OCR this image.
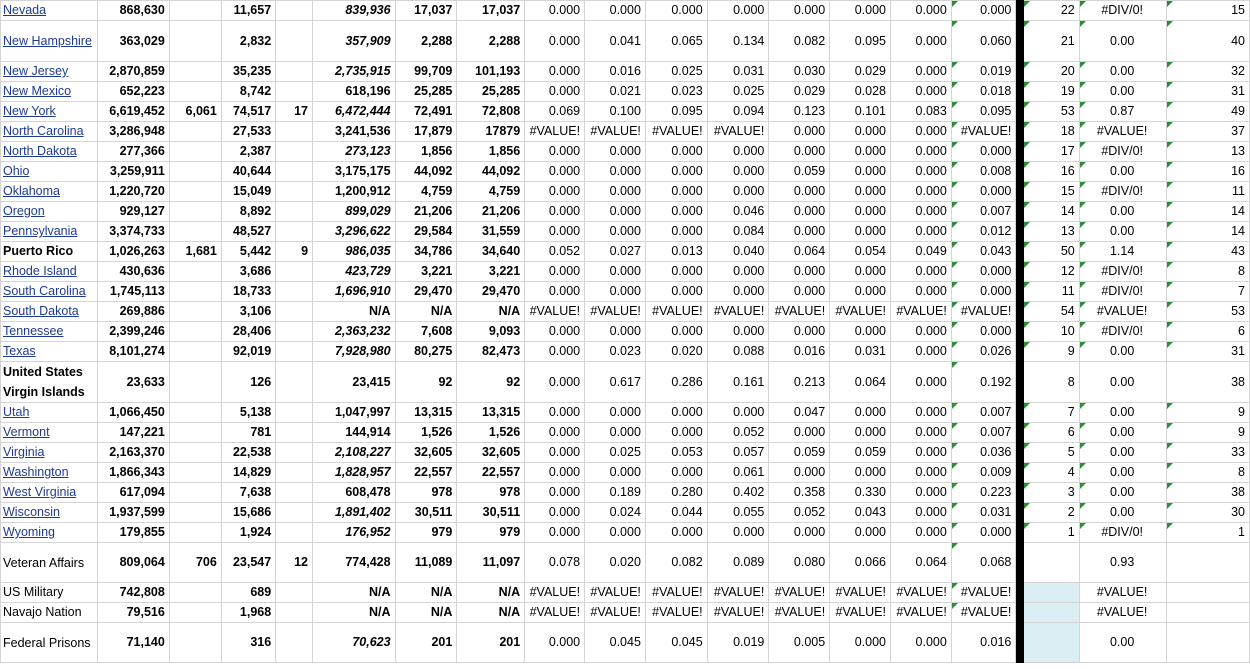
Nevada	868,630		11,657		839,936	17,037	17,037	0.000	0.000	0.000	0.000	0.000	0.000	0.000	0.000		22	#DIV/0!	15
New Hampshire	363,029		2,832		357,909	2,288	2,288	0.000	0.041	0.065	0.134	0.082	0.095	0.000	0.060		21	0.00	40
New Jersey	2,870,859		35,235		2,735,915	99,709	101,193	0.000	0.016	0.025	0.031	0.030	0.029	0.000	0.019		20	0.00	32
New Mexico	652,223		8,742		618,196	25,285	25,285	0.000	0.021	0.023	0.025	0.029	0.028	0.000	0.018		19	0.00	31
New York	6,619,452	6,061	74,517	17	6,472,444	72,491	72,808	0.069	0.100	0.095	0.094	0.123	0.101	0.083	0.095		53	0.87	49
North Carolina	3,286,948		27,533		3,241,536	17,879	17879	#VALUE!	#VALUE!	#VALUE!	#VALUE!	0.000	0.000	0.000	#VALUE!		18	#VALUE!	37
North Dakota	277,366		2,387		273,123	1,856	1,856	0.000	0.000	0.000	0.000	0.000	0.000	0.000	0.000		17	#DIV/0!	13
Ohio	3,259,911		40,644		3,175,175	44,092	44,092	0.000	0.000	0.000	0.000	0.059	0.000	0.000	0.008		16	0.00	16
Oklahoma	1,220,720		15,049		1,200,912	4,759	4,759	0.000	0.000	0.000	0.000	0.000	0.000	0.000	0.000		15	#DIV/0!	11
Oregon	929,127		8,892		899,029	21,206	21,206	0.000	0.000	0.000	0.046	0.000	0.000	0.000	0.007		14	0.00	14
Pennsylvania	3,374,733		48,527		3,296,622	29,584	31,559	0.000	0.000	0.000	0.084	0.000	0.000	0.000	0.012		13	0.00	14
Puerto Rico	1,026,263	1,681	5,442	9	986,035	34,786	34,640	0.052	0.027	0.013	0.040	0.064	0.054	0.049	0.043		50	1.14	43
Rhode Island	430,636		3,686		423,729	3,221	3,221	0.000	0.000	0.000	0.000	0.000	0.000	0.000	0.000		12	#DIV/0!	8
South Carolina	1,745,113		18,733		1,696,910	29,470	29,470	0.000	0.000	0.000	0.000	0.000	0.000	0.000	0.000		11	#DIV/0!	7
South Dakota	269,886		3,106		N/A	N/A	N/A	#VALUE!	#VALUE!	#VALUE!	#VALUE!	#VALUE!	#VALUE!	#VALUE!	#VALUE!		54	#VALUE!	53
Tennessee	2,399,246		28,406		2,363,232	7,608	9,093	0.000	0.000	0.000	0.000	0.000	0.000	0.000	0.000		10	#DIV/0!	6
Texas	8,101,274		92,019		7,928,980	80,275	82,473	0.000	0.023	0.020	0.088	0.016	0.031	0.000	0.026		9	0.00	31
United States Virgin Islands	23,633		126		23,415	92	92	0.000	0.617	0.286	0.161	0.213	0.064	0.000	0.192		8	0.00	38
Utah	1,066,450		5,138		1,047,997	13,315	13,315	0.000	0.000	0.000	0.000	0.047	0.000	0.000	0.007		7	0.00	9
Vermont	147,221		781		144,914	1,526	1,526	0.000	0.000	0.000	0.052	0.000	0.000	0.000	0.007		6	0.00	9
Virginia	2,163,370		22,538		2,108,227	32,605	32,605	0.000	0.025	0.053	0.057	0.059	0.059	0.000	0.036		5	0.00	33
Washington	1,866,343		14,829		1,828,957	22,557	22,557	0.000	0.000	0.000	0.061	0.000	0.000	0.000	0.009		4	0.00	8
West Virginia	617,094		7,638		608,478	978	978	0.000	0.189	0.280	0.402	0.358	0.330	0.000	0.223		3	0.00	38
Wisconsin	1,937,599		15,686		1,891,402	30,511	30,511	0.000	0.024	0.044	0.055	0.052	0.043	0.000	0.031		2	0.00	30
Wyoming	179,855		1,924		176,952	979	979	0.000	0.000	0.000	0.000	0.000	0.000	0.000	0.000		1	#DIV/0!	1
Veteran Affairs	809,064	706	23,547	12	774,428	11,089	11,097	0.078	0.020	0.082	0.089	0.080	0.066	0.064	0.068			0.93	
US Military	742,808		689		N/A	N/A	N/A	#VALUE!	#VALUE!	#VALUE!	#VALUE!	#VALUE!	#VALUE!	#VALUE!	#VALUE!			#VALUE!	
Navajo Nation	79,516		1,968		N/A	N/A	N/A	#VALUE!	#VALUE!	#VALUE!	#VALUE!	#VALUE!	#VALUE!	#VALUE!	#VALUE!			#VALUE!	
Federal Prisons	71,140		316		70,623	201	201	0.000	0.045	0.045	0.019	0.005	0.000	0.000	0.016			0.00	
